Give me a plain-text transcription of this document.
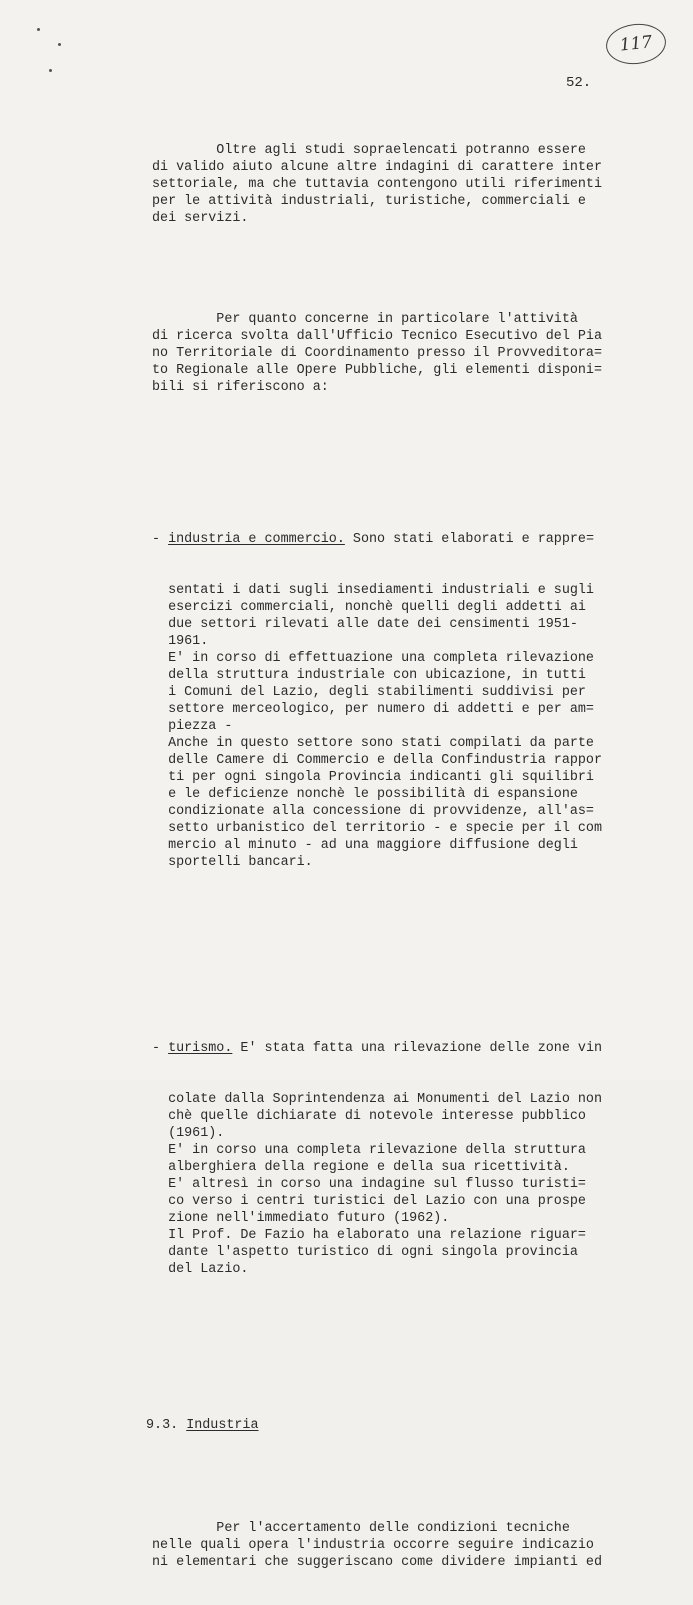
117
52.

Oltre agli studi sopraelencati potranno essere
di valido aiuto alcune altre indagini di carattere inter
settoriale, ma che tuttavia contengono utili riferimenti
per le attività industriali, turistiche, commerciali e
dei servizi.

Per quanto concerne in particolare l'attività
di ricerca svolta dall'Ufficio Tecnico Esecutivo del Pia
no Territoriale di Coordinamento presso il Provveditora=
to Regionale alle Opere Pubbliche, gli elementi disponi=
bili si riferiscono a:

- industria e commercio. Sono stati elaborati e rappre=

sentati i dati sugli insediamenti industriali e sugli
esercizi commerciali, nonchè quelli degli addetti ai
due settori rilevati alle date dei censimenti 1951-
1961.
E' in corso di effettuazione una completa rilevazione
della struttura industriale con ubicazione, in tutti
i Comuni del Lazio, degli stabilimenti suddivisi per
settore merceologico, per numero di addetti e per am=
piezza -
Anche in questo settore sono stati compilati da parte
delle Camere di Commercio e della Confindustria rappor
ti per ogni singola Provincia indicanti gli squilibri
e le deficienze nonchè le possibilità di espansione
condizionate alla concessione di provvidenze, all'as=
setto urbanistico del territorio - e specie per il com
mercio al minuto - ad una maggiore diffusione degli
sportelli bancari.

- turismo. E' stata fatta una rilevazione delle zone vin

colate dalla Soprintendenza ai Monumenti del Lazio non
chè quelle dichiarate di notevole interesse pubblico
(1961).
E' in corso una completa rilevazione della struttura
alberghiera della regione e della sua ricettività.
E' altresì in corso una indagine sul flusso turisti=
co verso i centri turistici del Lazio con una prospe
zione nell'immediato futuro (1962).
Il Prof. De Fazio ha elaborato una relazione riguar=
dante l'aspetto turistico di ogni singola provincia
del Lazio.

9.3. Industria

Per l'accertamento delle condizioni tecniche
nelle quali opera l'industria occorre seguire indicazio
ni elementari che suggeriscano come dividere impianti ed
